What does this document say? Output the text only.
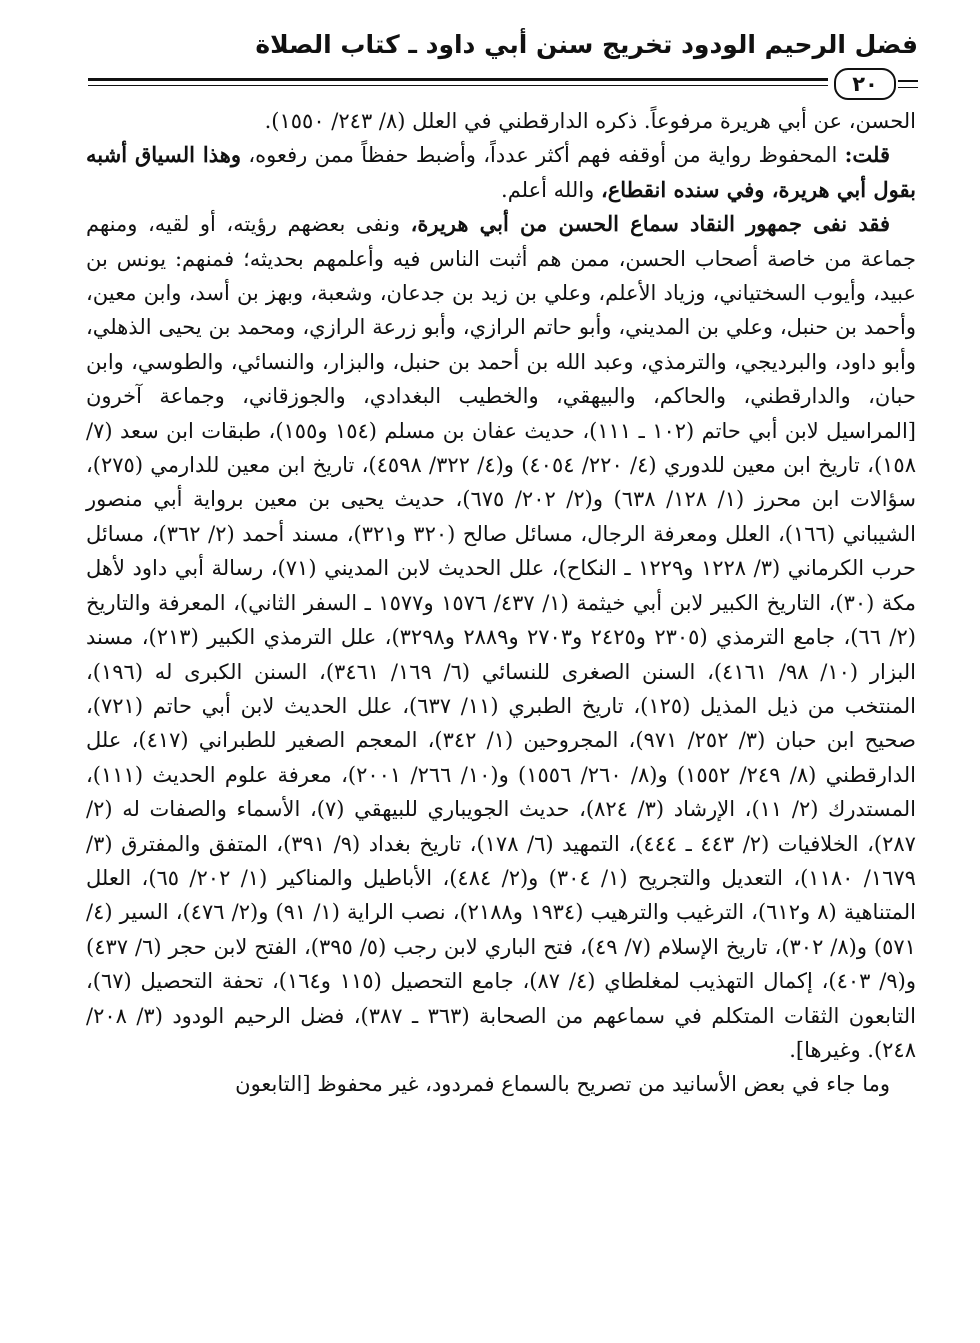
فضل الرحيم الودود تخريج سنن أبي داود ـ كتاب الصلاة
٢٠

الحسن، عن أبي هريرة مرفوعاً. ذكره الدارقطني في العلل (٨/ ٢٤٣/ ١٥٥٠).

قلت: المحفوظ رواية من أوقفه فهم أكثر عدداً، وأضبط حفظاً ممن رفعوه، وهذا السياق أشبه بقول أبي هريرة، وفي سنده انقطاع، والله أعلم.

فقد نفى جمهور النقاد سماع الحسن من أبي هريرة، ونفى بعضهم رؤيته، أو لقيه، ومنهم جماعة من خاصة أصحاب الحسن، ممن هم أثبت الناس فيه وأعلمهم بحديثه؛ فمنهم: يونس بن عبيد، وأيوب السختياني، وزياد الأعلم، وعلي بن زيد بن جدعان، وشعبة، وبهز بن أسد، وابن معين، وأحمد بن حنبل، وعلي بن المديني، وأبو حاتم الرازي، وأبو زرعة الرازي، ومحمد بن يحيى الذهلي، وأبو داود، والبرديجي، والترمذي، وعبد الله بن أحمد بن حنبل، والبزار، والنسائي، والطوسي، وابن حبان، والدارقطني، والحاكم، والبيهقي، والخطيب البغدادي، والجوزقاني، وجماعة آخرون [المراسيل لابن أبي حاتم (١٠٢ ـ ١١١)، حديث عفان بن مسلم (١٥٤ و١٥٥)، طبقات ابن سعد (٧/ ١٥٨)، تاريخ ابن معين للدوري (٤/ ٢٢٠/ ٤٠٥٤) و(٤/ ٣٢٢/ ٤٥٩٨)، تاريخ ابن معين للدارمي (٢٧٥)، سؤالات ابن محرز (١/ ١٢٨/ ٦٣٨) و(٢/ ٢٠٢/ ٦٧٥)، حديث يحيى بن معين برواية أبي منصور الشيباني (١٦٦)، العلل ومعرفة الرجال، مسائل صالح (٣٢٠ و٣٢١)، مسند أحمد (٢/ ٣٦٢)، مسائل حرب الكرماني (٣/ ١٢٢٨ و١٢٢٩ ـ النكاح)، علل الحديث لابن المديني (٧١)، رسالة أبي داود لأهل مكة (٣٠)، التاريخ الكبير لابن أبي خيثمة (١/ ٤٣٧/ ١٥٧٦ و١٥٧٧ ـ السفر الثاني)، المعرفة والتاريخ (٢/ ٦٦)، جامع الترمذي (٢٣٠٥ و٢٤٢٥ و٢٧٠٣ و٢٨٨٩ و٣٢٩٨)، علل الترمذي الكبير (٢١٣)، مسند البزار (١٠/ ٩٨/ ٤١٦١)، السنن الصغرى للنسائي (٦/ ١٦٩/ ٣٤٦١)، السنن الكبرى له (١٩٦)، المنتخب من ذيل المذيل (١٢٥)، تاريخ الطبري (١١/ ٦٣٧)، علل الحديث لابن أبي حاتم (٧٢١)، صحيح ابن حبان (٣/ ٢٥٢/ ٩٧١)، المجروحين (١/ ٣٤٢)، المعجم الصغير للطبراني (٤١٧)، علل الدارقطني (٨/ ٢٤٩/ ١٥٥٢) و(٨/ ٢٦٠/ ١٥٥٦) و(١٠/ ٢٦٦/ ٢٠٠١)، معرفة علوم الحديث (١١١)، المستدرك (٢/ ١١)، الإرشاد (٣/ ٨٢٤)، حديث الجويباري للبيهقي (٧)، الأسماء والصفات له (٢/ ٢٨٧)، الخلافيات (٢/ ٤٤٣ ـ ٤٤٤)، التمهيد (٦/ ١٧٨)، تاريخ بغداد (٩/ ٣٩١)، المتفق والمفترق (٣/ ١٦٧٩/ ١١٨٠)، التعديل والتجريح (١/ ٣٠٤) و(٢/ ٤٨٤)، الأباطيل والمناكير (١/ ٢٠٢/ ٦٥)، العلل المتناهية (٨ و٦١٢)، الترغيب والترهيب (١٩٣٤ و٢١٨٨)، نصب الراية (١/ ٩١) و(٢/ ٤٧٦)، السير (٤/ ٥٧١) و(٨/ ٣٠٢)، تاريخ الإسلام (٧/ ٤٩)، فتح الباري لابن رجب (٥/ ٣٩٥)، الفتح لابن حجر (٦/ ٤٣٧) و(٩/ ٤٠٣)، إكمال التهذيب لمغلطاي (٤/ ٨٧)، جامع التحصيل (١١٥ و١٦٤)، تحفة التحصيل (٦٧)، التابعون الثقات المتكلم في سماعهم من الصحابة (٣٦٣ ـ ٣٨٧)، فضل الرحيم الودود (٣/ ٢٠٨/ ٢٤٨). وغيرها].

وما جاء في بعض الأسانيد من تصريح بالسماع فمردود، غير محفوظ [التابعون
